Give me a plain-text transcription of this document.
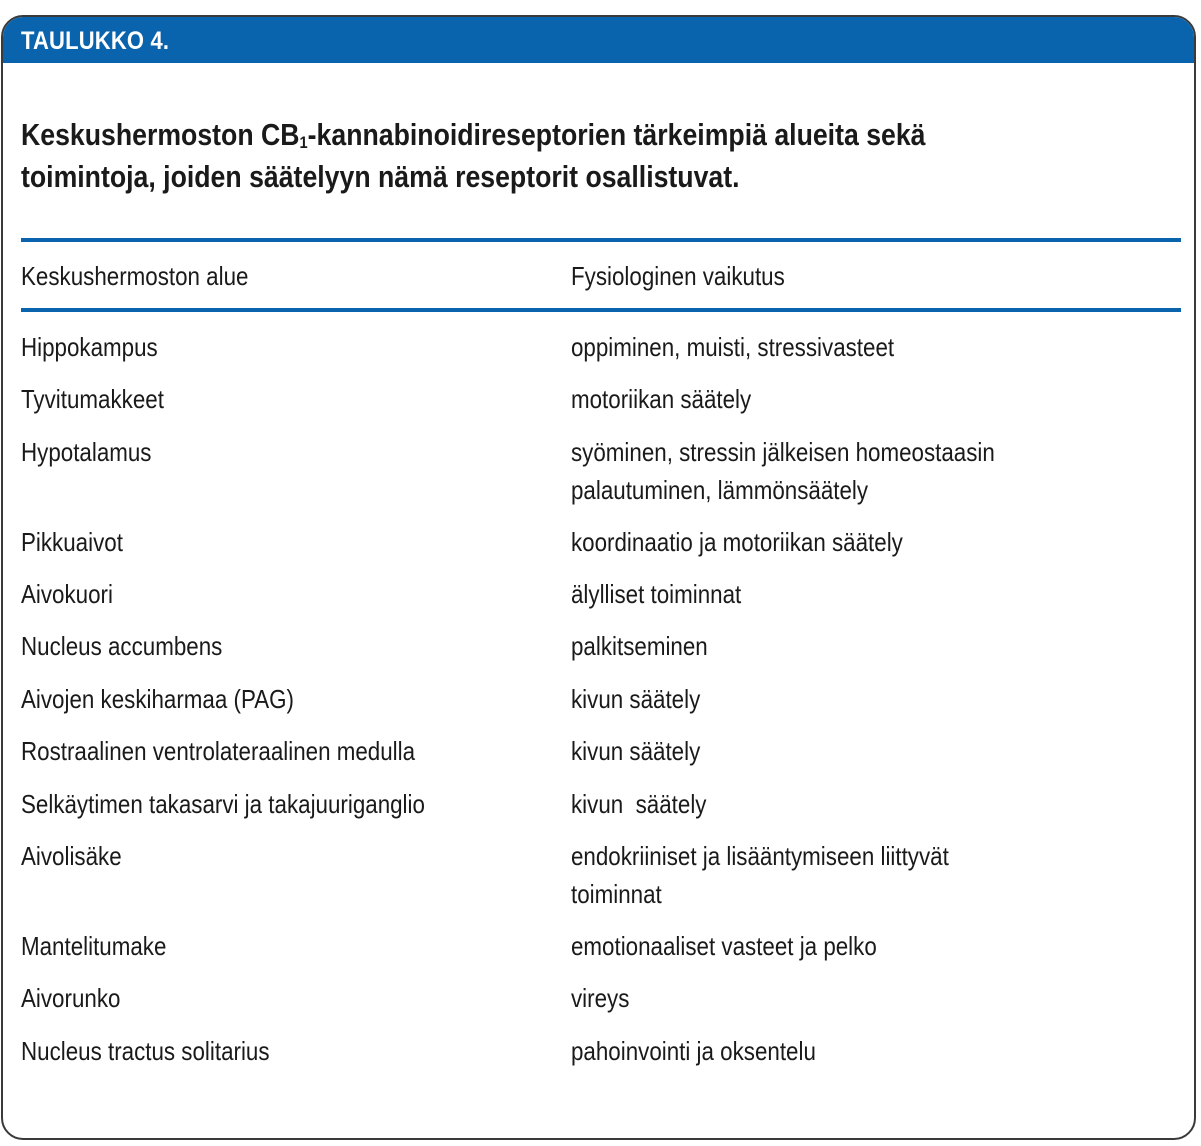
TAULUKKO 4.
Keskushermoston $CB_1$-kannabinoidireseptorien tärkeimpiä alueita sekä
toimintoja, joiden säätelyyn nämä reseptorit osallistuvat.
Keskushermoston alue	Fysiologinen vaikutus
Hippokampus	oppiminen, muisti, stressivasteet
Tyvitumakkeet	motoriikan säätely
Hypotalamus	syöminen, stressin jälkeisen homeostaasin
palautuminen, lämmönsäätely
Pikkuaivot	koordinaatio ja motoriikan säätely
Aivokuori	älylliset toiminnat
Nucleus accumbens	palkitseminen
Aivojen keskiharmaa (PAG)	kivun säätely
Rostraalinen ventrolateraalinen medulla	kivun säätely
Selkäytimen takasarvi ja takajuuriganglio	kivun  säätely
Aivolisäke	endokriiniset ja lisääntymiseen liittyvät
toiminnat
Mantelitumake	emotionaaliset vasteet ja pelko
Aivorunko	vireys
Nucleus tractus solitarius	pahoinvointi ja oksentelu
